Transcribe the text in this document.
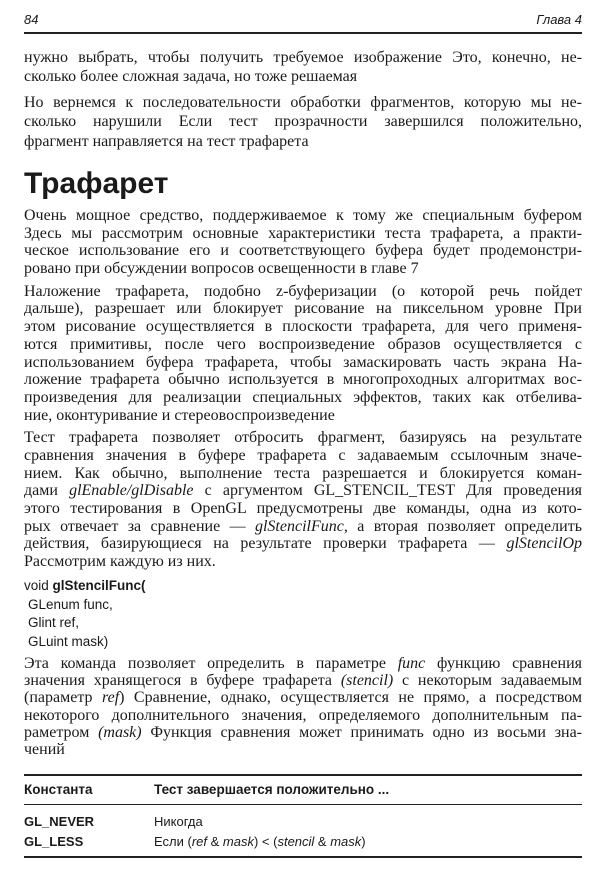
84	Глава 4
нужно выбрать, чтобы получить требуемое изображение Это, конечно, не-
сколько более сложная задача, но тоже решаемая
Но вернемся к последовательности обработки фрагментов, которую мы не-
сколько нарушили Если тест прозрачности завершился положительно,
фрагмент направляется на тест трафарета
Трафарет
Очень мощное средство, поддерживаемое к тому же специальным буфером
Здесь мы рассмотрим основные характеристики теста трафарета, а практи-
ческое использование его и соответствующего буфера будет продемонстри-
ровано при обсуждении вопросов освещенности в главе 7
Наложение трафарета, подобно z-буферизации (о которой речь пойдет
дальше), разрешает или блокирует рисование на пиксельном уровне При
этом рисование осуществляется в плоскости трафарета, для чего применя-
ются примитивы, после чего воспроизведение образов осуществляется с
использованием буфера трафарета, чтобы замаскировать часть экрана На-
ложение трафарета обычно используется в многопроходных алгоритмах вос-
произведения для реализации специальных эффектов, таких как отбелива-
ние, оконтуривание и стереовоспроизведение
Тест трафарета позволяет отбросить фрагмент, базируясь на результате
сравнения значения в буфере трафарета с задаваемым ссылочным значе-
нием. Как обычно, выполнение теста разрешается и блокируется коман-
дами glEnable/glDisable с аргументом GL_STENCIL_TEST Для проведения
этого тестирования в OpenGL предусмотрены две команды, одна из кото-
рых отвечает за сравнение — glStencilFunc, а вторая позволяет определить
действия, базирующиеся на результате проверки трафарета — glStencilOp
Рассмотрим каждую из них.
void glStencilFunc(
GLenum func,
Glint ref,
GLuint mask)
Эта команда позволяет определить в параметре func функцию сравнения
значения хранящегося в буфере трафарета (stencil) с некоторым задаваемым
(параметр ref) Сравнение, однако, осуществляется не прямо, а посредством
некоторого дополнительного значения, определяемого дополнительным па-
раметром (mask) Функция сравнения может принимать одно из восьми зна-
чений
Константа	Тест завершается положительно ...
GL_NEVER	Никогда
GL_LESS	Если (ref & mask) < (stencil & mask)
